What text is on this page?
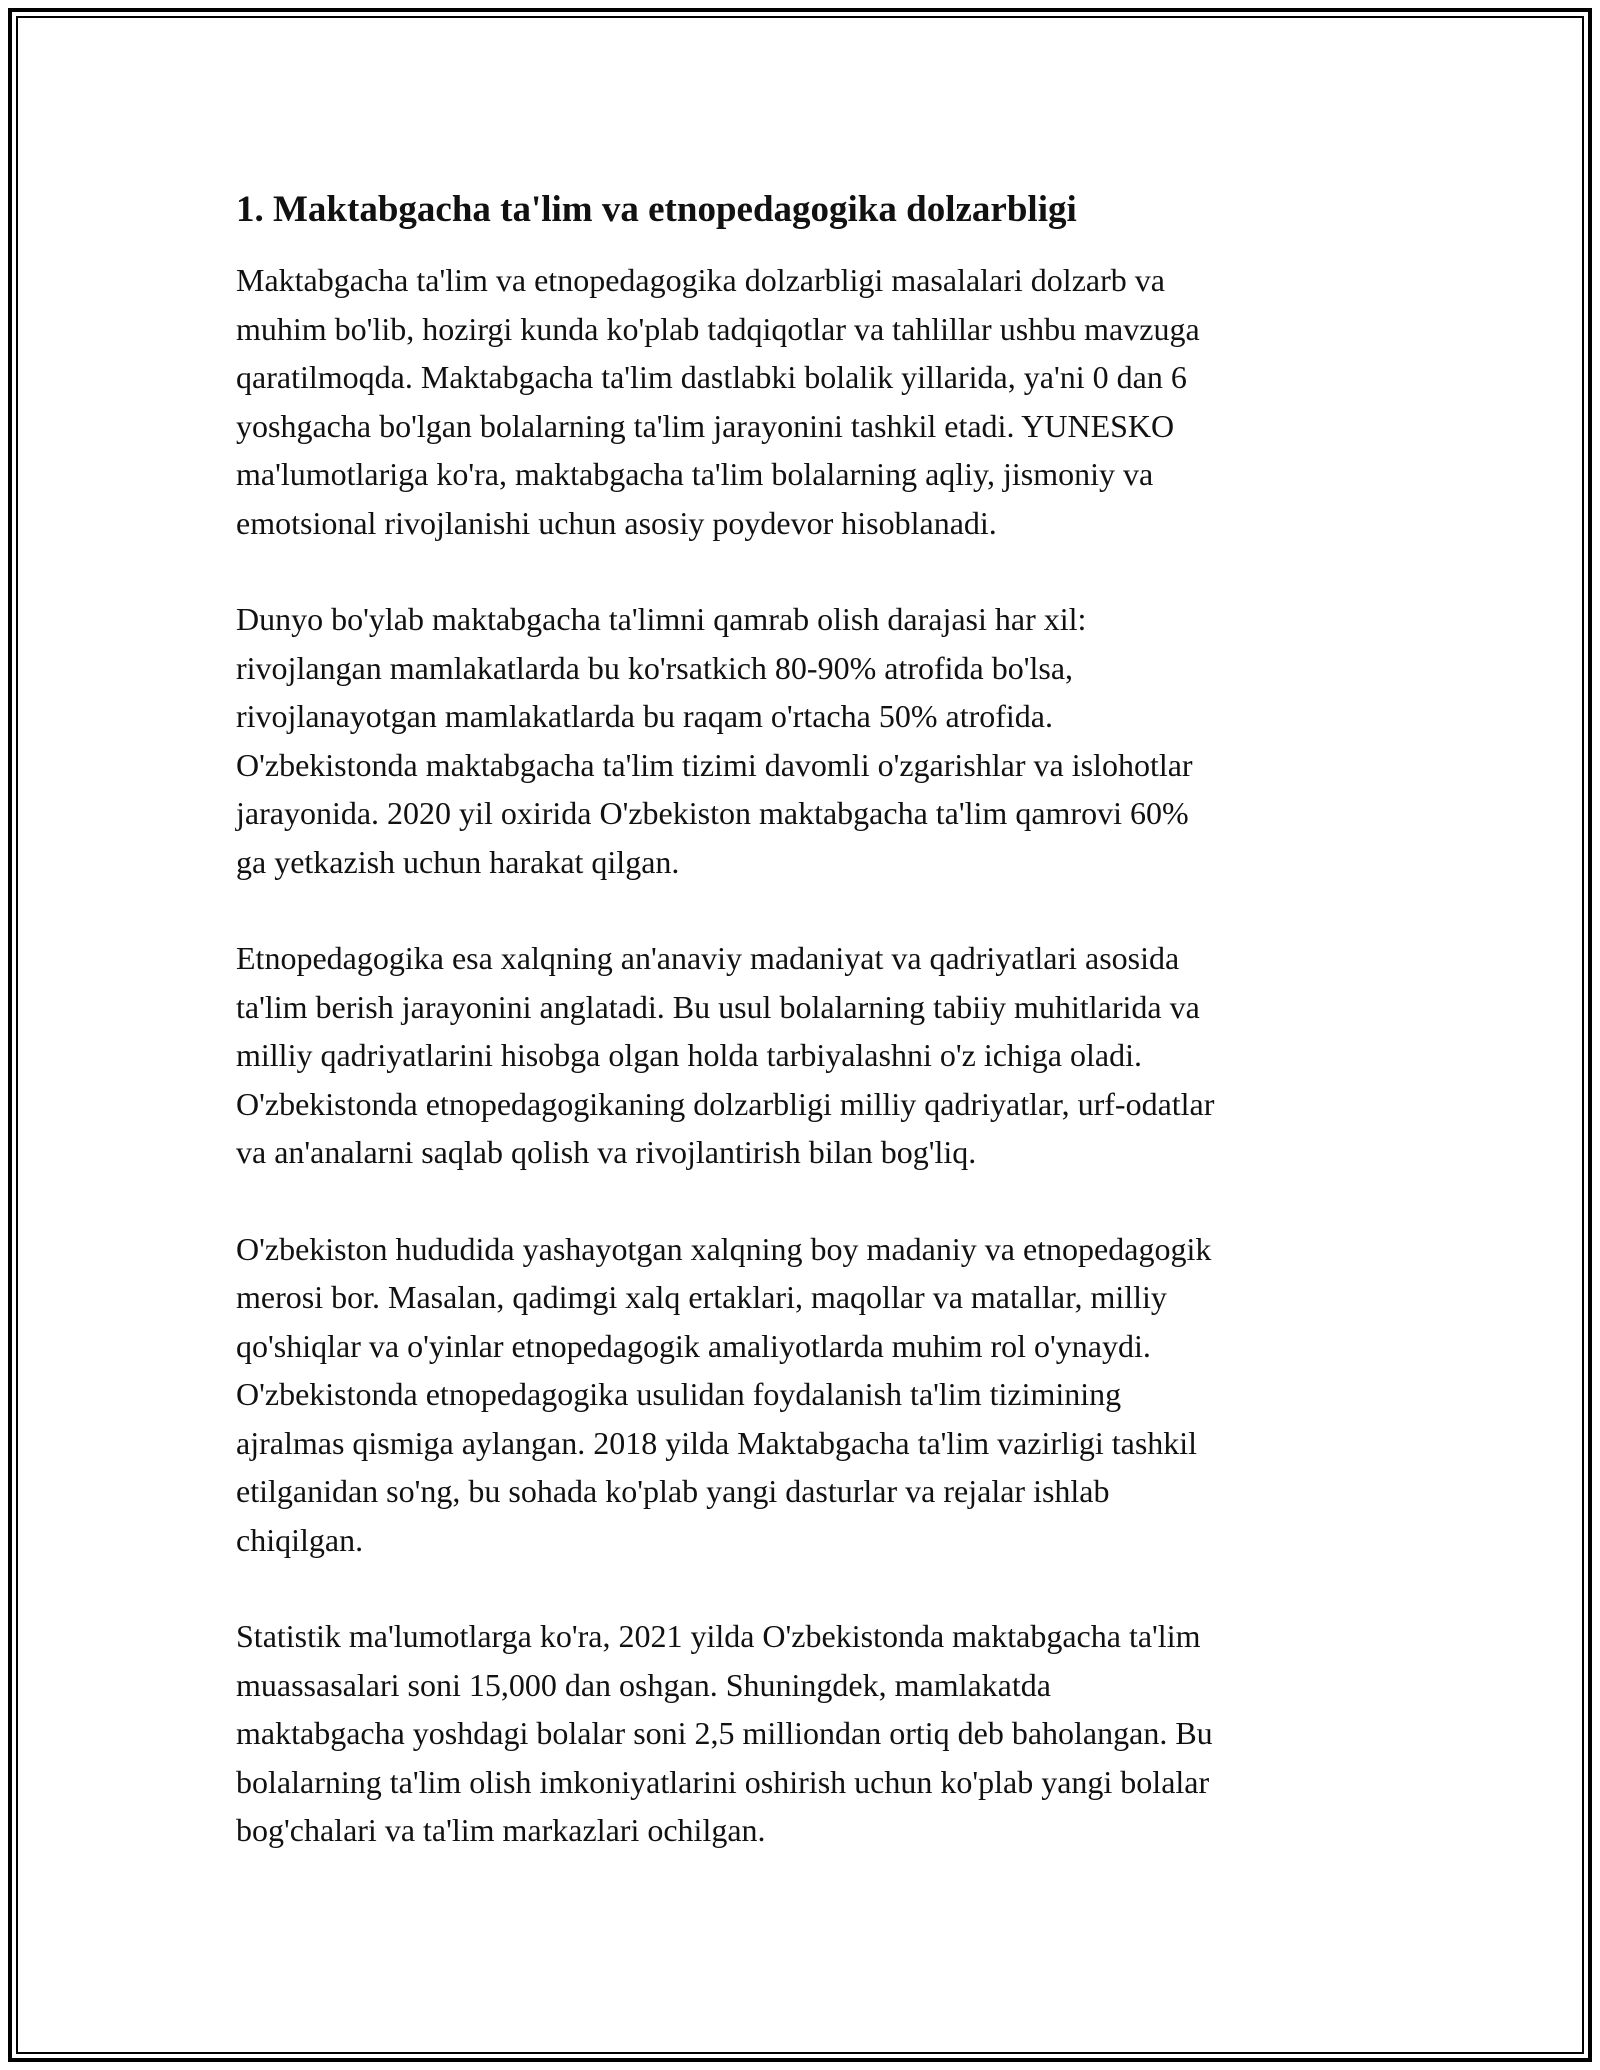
1. Maktabgacha ta'lim va etnopedagogika dolzarbligi

Maktabgacha ta'lim va etnopedagogika dolzarbligi masalalari dolzarb va
muhim bo'lib, hozirgi kunda ko'plab tadqiqotlar va tahlillar ushbu mavzuga
qaratilmoqda. Maktabgacha ta'lim dastlabki bolalik yillarida, ya'ni 0 dan 6
yoshgacha bo'lgan bolalarning ta'lim jarayonini tashkil etadi. YUNESKO
ma'lumotlariga ko'ra, maktabgacha ta'lim bolalarning aqliy, jismoniy va
emotsional rivojlanishi uchun asosiy poydevor hisoblanadi.

Dunyo bo'ylab maktabgacha ta'limni qamrab olish darajasi har xil:
rivojlangan mamlakatlarda bu ko'rsatkich 80-90% atrofida bo'lsa,
rivojlanayotgan mamlakatlarda bu raqam o'rtacha 50% atrofida.
O'zbekistonda maktabgacha ta'lim tizimi davomli o'zgarishlar va islohotlar
jarayonida. 2020 yil oxirida O'zbekiston maktabgacha ta'lim qamrovi 60%
ga yetkazish uchun harakat qilgan.

Etnopedagogika esa xalqning an'anaviy madaniyat va qadriyatlari asosida
ta'lim berish jarayonini anglatadi. Bu usul bolalarning tabiiy muhitlarida va
milliy qadriyatlarini hisobga olgan holda tarbiyalashni o'z ichiga oladi.
O'zbekistonda etnopedagogikaning dolzarbligi milliy qadriyatlar, urf-odatlar
va an'analarni saqlab qolish va rivojlantirish bilan bog'liq.

O'zbekiston hududida yashayotgan xalqning boy madaniy va etnopedagogik
merosi bor. Masalan, qadimgi xalq ertaklari, maqollar va matallar, milliy
qo'shiqlar va o'yinlar etnopedagogik amaliyotlarda muhim rol o'ynaydi.
O'zbekistonda etnopedagogika usulidan foydalanish ta'lim tizimining
ajralmas qismiga aylangan. 2018 yilda Maktabgacha ta'lim vazirligi tashkil
etilganidan so'ng, bu sohada ko'plab yangi dasturlar va rejalar ishlab
chiqilgan.

Statistik ma'lumotlarga ko'ra, 2021 yilda O'zbekistonda maktabgacha ta'lim
muassasalari soni 15,000 dan oshgan. Shuningdek, mamlakatda
maktabgacha yoshdagi bolalar soni 2,5 milliondan ortiq deb baholangan. Bu
bolalarning ta'lim olish imkoniyatlarini oshirish uchun ko'plab yangi bolalar
bog'chalari va ta'lim markazlari ochilgan.
